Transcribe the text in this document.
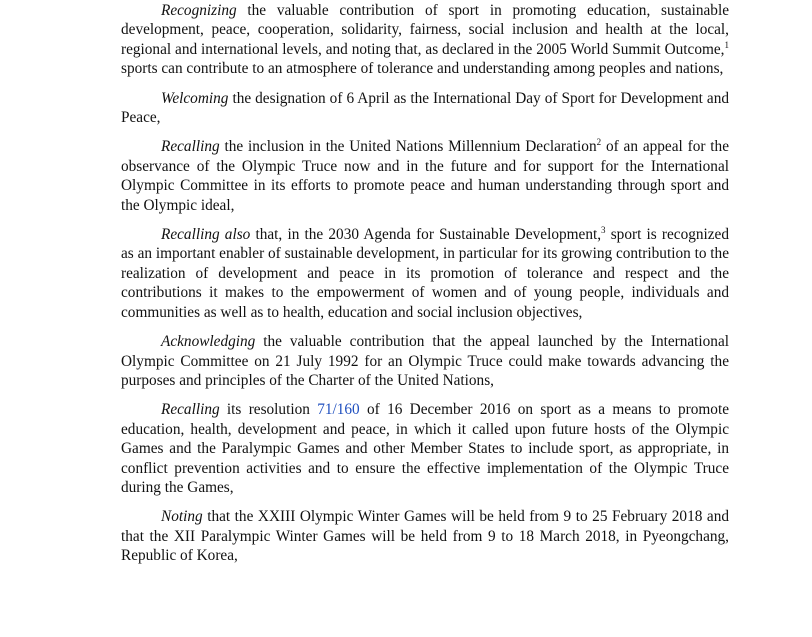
Recognizing the valuable contribution of sport in promoting education, sustainable development, peace, cooperation, solidarity, fairness, social inclusion and health at the local, regional and international levels, and noting that, as declared in the 2005 World Summit Outcome,$^1$ sports can contribute to an atmosphere of tolerance and understanding among peoples and nations,

Welcoming the designation of 6 April as the International Day of Sport for Development and Peace,

Recalling the inclusion in the United Nations Millennium Declaration$^2$ of an appeal for the observance of the Olympic Truce now and in the future and for support for the International Olympic Committee in its efforts to promote peace and human understanding through sport and the Olympic ideal,

Recalling also that, in the 2030 Agenda for Sustainable Development,$^3$ sport is recognized as an important enabler of sustainable development, in particular for its growing contribution to the realization of development and peace in its promotion of tolerance and respect and the contributions it makes to the empowerment of women and of young people, individuals and communities as well as to health, education and social inclusion objectives,

Acknowledging the valuable contribution that the appeal launched by the International Olympic Committee on 21 July 1992 for an Olympic Truce could make towards advancing the purposes and principles of the Charter of the United Nations,

Recalling its resolution 71/160 of 16 December 2016 on sport as a means to promote education, health, development and peace, in which it called upon future hosts of the Olympic Games and the Paralympic Games and other Member States to include sport, as appropriate, in conflict prevention activities and to ensure the effective implementation of the Olympic Truce during the Games,

Noting that the XXIII Olympic Winter Games will be held from 9 to 25 February 2018 and that the XII Paralympic Winter Games will be held from 9 to 18 March 2018, in Pyeongchang, Republic of Korea,
